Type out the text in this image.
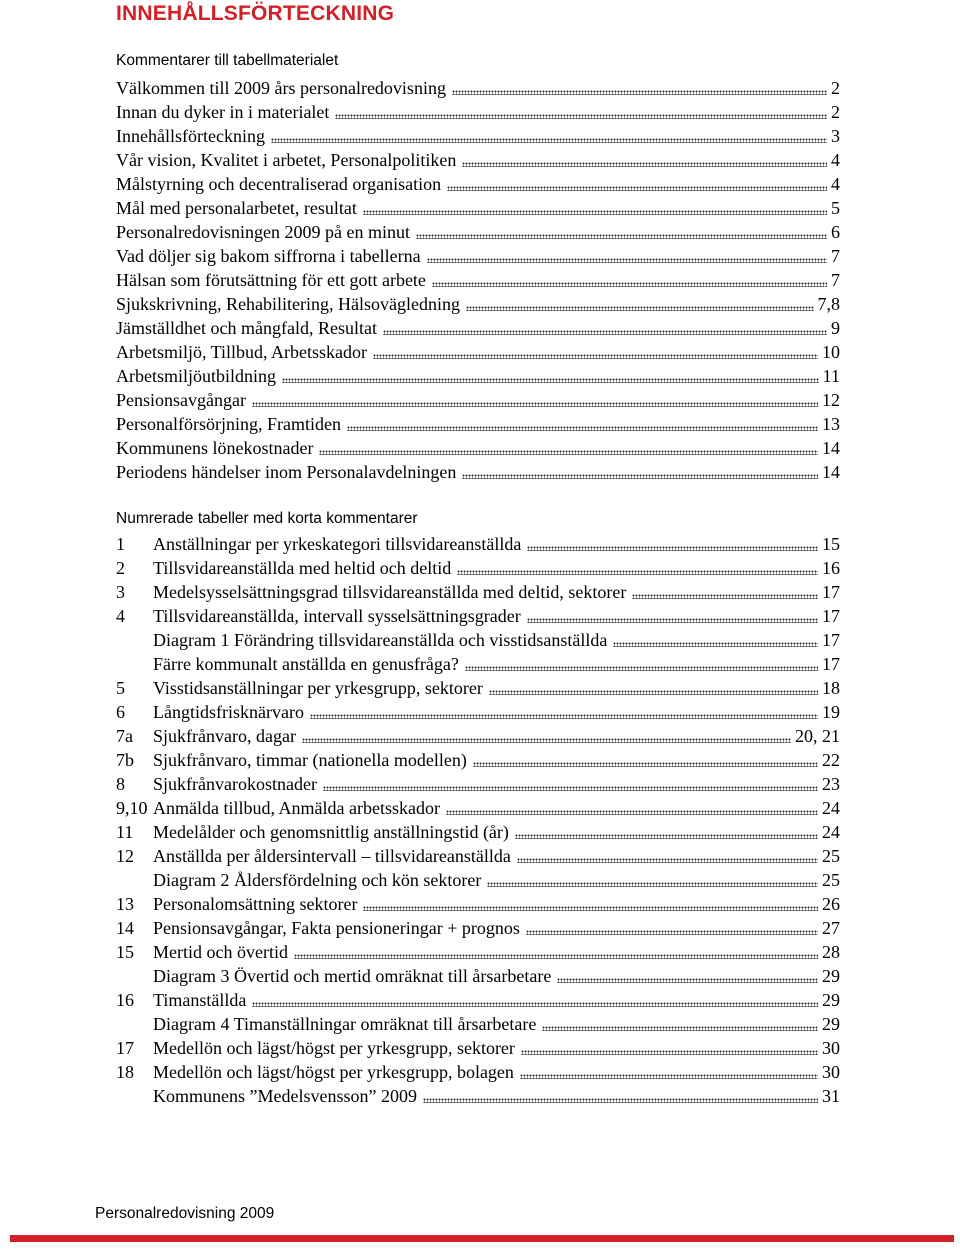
INNEHÅLLSFÖRTECKNING
Kommentarer till tabellmaterialet
Välkommen till 2009 års personalredovisning	2
Innan du dyker in i materialet	2
Innehållsförteckning	3
Vår vision, Kvalitet i arbetet, Personalpolitiken	4
Målstyrning och decentraliserad organisation	4
Mål med personalarbetet, resultat	5
Personalredovisningen 2009 på en minut	6
Vad döljer sig bakom siffrorna i tabellerna	7
Hälsan som förutsättning för ett gott arbete	7
Sjukskrivning, Rehabilitering, Hälsovägledning	7,8
Jämställdhet och mångfald, Resultat	9
Arbetsmiljö, Tillbud, Arbetsskador	10
Arbetsmiljöutbildning	11
Pensionsavgångar	12
Personalförsörjning, Framtiden	13
Kommunens lönekostnader	14
Periodens händelser inom Personalavdelningen	14
Numrerade tabeller med korta kommentarer
1	Anställningar per yrkeskategori tillsvidareanställda	15
2	Tillsvidareanställda med heltid och deltid	16
3	Medelsysselsättningsgrad tillsvidareanställda med deltid, sektorer	17
4	Tillsvidareanställda, intervall sysselsättningsgrader	17
Diagram 1 Förändring tillsvidareanställda och visstidsanställda	17
Färre kommunalt anställda en genusfråga?	17
5	Visstidsanställningar per yrkesgrupp, sektorer	18
6	Långtidsfrisknärvaro	19
7a	Sjukfrånvaro, dagar	20, 21
7b	Sjukfrånvaro, timmar (nationella modellen)	22
8	Sjukfrånvarokostnader	23
9,10 Anmälda tillbud, Anmälda arbetsskador	24
11	Medelålder och genomsnittlig anställningstid (år)	24
12	Anställda per åldersintervall – tillsvidareanställda	25
Diagram 2 Åldersfördelning och kön sektorer	25
13	Personalomsättning sektorer	26
14	Pensionsavgångar, Fakta pensioneringar + prognos	27
15	Mertid och övertid	28
Diagram 3 Övertid och mertid omräknat till årsarbetare	29
16	Timanställda	29
Diagram 4 Timanställningar omräknat till årsarbetare	29
17	Medellön och lägst/högst per yrkesgrupp, sektorer	30
18	Medellön och lägst/högst per yrkesgrupp, bolagen	30
Kommunens ”Medelsvensson” 2009	31
Personalredovisning 2009
